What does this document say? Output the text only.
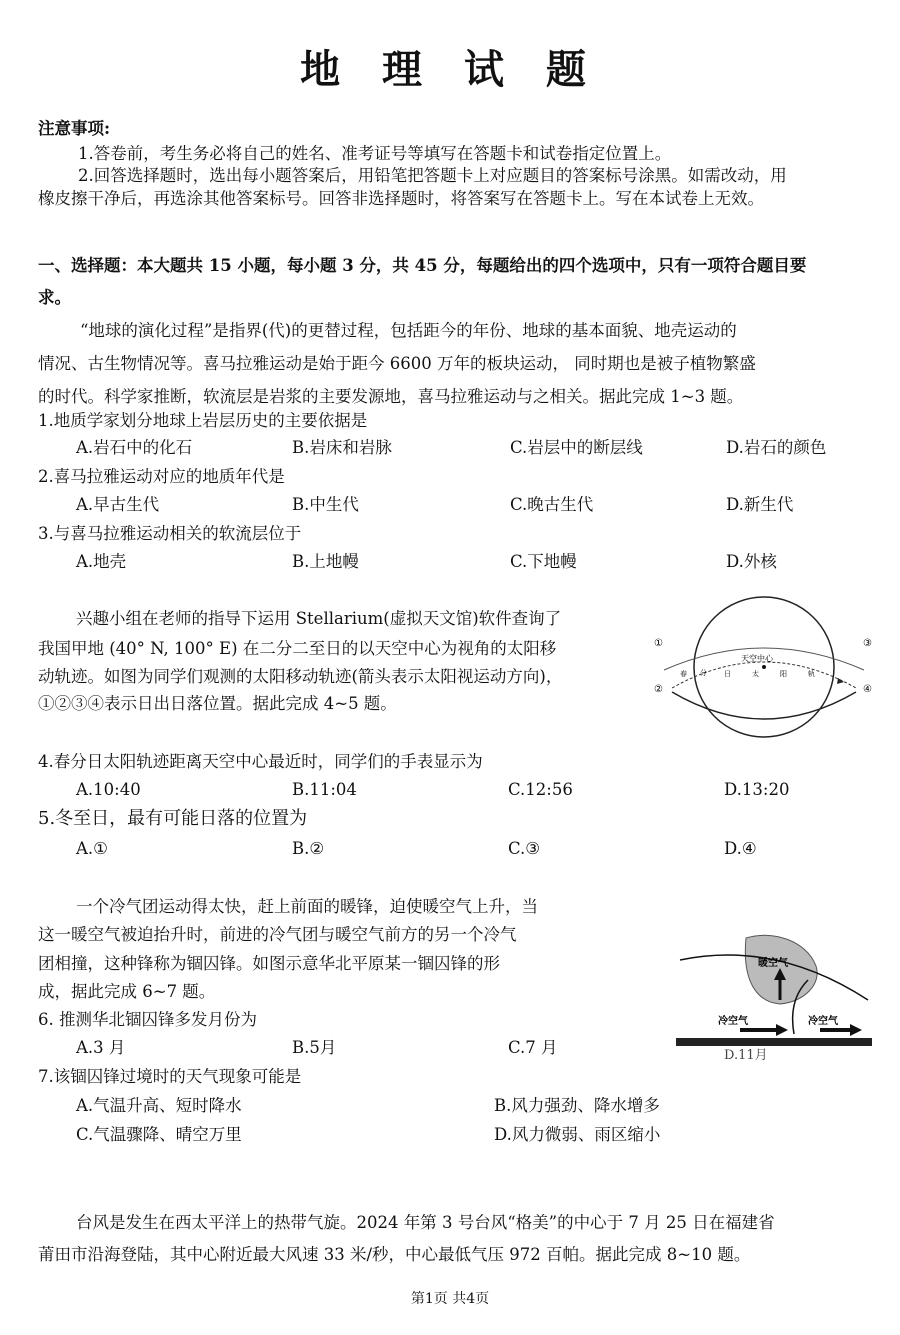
地 理 试 题
注意事项:
1.答卷前，考生务必将自己的姓名、准考证号等填写在答题卡和试卷指定位置上。
2.回答选择题时，选出每小题答案后，用铅笔把答题卡上对应题目的答案标号涂黑。如需改动，用
橡皮擦干净后，再选涂其他答案标号。回答非选择题时，将答案写在答题卡上。写在本试卷上无效。
一、选择题：本大题共 15 小题，每小题 3 分，共 45 分，每题给出的四个选项中，只有一项符合题目要
求。
“地球的演化过程”是指界(代)的更替过程，包括距今的年份、地球的基本面貌、地壳运动的
情况、古生物情况等。喜马拉雅运动是始于距今 6600 万年的板块运动， 同时期也是被子植物繁盛
的时代。科学家推断，软流层是岩浆的主要发源地，喜马拉雅运动与之相关。据此完成 1~3 题。
1.地质学家划分地球上岩层历史的主要依据是
A.岩石中的化石	B.岩床和岩脉	C.岩层中的断层线	D.岩石的颜色
2.喜马拉雅运动对应的地质年代是
A.早古生代	B.中生代	C.晚古生代	D.新生代
3.与喜马拉雅运动相关的软流层位于
A.地壳	B.上地幔	C.下地幔	D.外核
兴趣小组在老师的指导下运用 Stellarium(虚拟天文馆)软件查询了
我国甲地 (40° N, 100° E) 在二分二至日的以天空中心为视角的太阳移
动轨迹。如图为同学们观测的太阳移动轨迹(箭头表示太阳视运动方向)，
①②③④表示日出日落位置。据此完成 4~5 题。
天空中心
①
②
③
④
春 分 日	太	阳	轨
4.春分日太阳轨迹距离天空中心最近时，同学们的手表显示为
A.10:40	B.11:04	C.12:56	D.13:20
5.冬至日，最有可能日落的位置为
A.①	B.②	C.③	D.④
一个冷气团运动得太快，赶上前面的暖锋，迫使暖空气上升，当
这一暖空气被迫抬升时，前进的冷气团与暖空气前方的另一个冷气
团相撞，这种锋称为锢囚锋。如图示意华北平原某一锢囚锋的形
成，据此完成 6~7 题。
暖空气
冷空气	冷空气
6. 推测华北锢囚锋多发月份为
A.3 月	B.5月	C.7 月	D.11月
7.该锢囚锋过境时的天气现象可能是
A.气温升高、短时降水	B.风力强劲、降水增多
C.气温骤降、晴空万里	D.风力微弱、雨区缩小
台风是发生在西太平洋上的热带气旋。2024 年第 3 号台风“格美”的中心于 7 月 25 日在福建省
莆田市沿海登陆，其中心附近最大风速 33 米/秒，中心最低气压 972 百帕。据此完成 8~10 题。
第1页 共4页
